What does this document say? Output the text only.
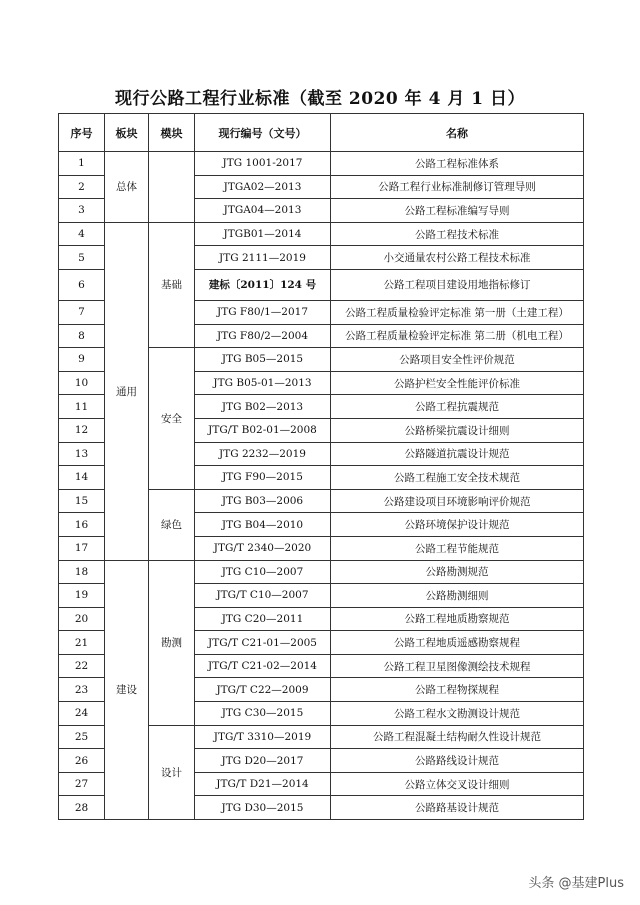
现行公路工程行业标准（截至 2020 年 4 月 1 日）
序号	板块	模块	现行编号（文号）	名称
1	总体		JTG 1001-2017	公路工程标准体系
2			JTGA02—2013	公路工程行业标准制修订管理导则
3			JTGA04—2013	公路工程标准编写导则
4	通用	基础	JTGB01—2014	公路工程技术标准
5			JTG 2111—2019	小交通量农村公路工程技术标准
6			建标〔2011〕124 号	公路工程项目建设用地指标修订
7			JTG F80/1—2017	公路工程质量检验评定标准 第一册（土建工程）
8			JTG F80/2—2004	公路工程质量检验评定标准 第二册（机电工程）
9		安全	JTG B05—2015	公路项目安全性评价规范
10			JTG B05-01—2013	公路护栏安全性能评价标准
11			JTG B02—2013	公路工程抗震规范
12			JTG/T B02-01—2008	公路桥梁抗震设计细则
13			JTG 2232—2019	公路隧道抗震设计规范
14			JTG F90—2015	公路工程施工安全技术规范
15		绿色	JTG B03—2006	公路建设项目环境影响评价规范
16			JTG B04—2010	公路环境保护设计规范
17			JTG/T 2340—2020	公路工程节能规范
18	建设	勘测	JTG C10—2007	公路勘测规范
19			JTG/T C10—2007	公路勘测细则
20			JTG C20—2011	公路工程地质勘察规范
21			JTG/T C21-01—2005	公路工程地质遥感勘察规程
22			JTG/T C21-02—2014	公路工程卫星图像测绘技术规程
23			JTG/T C22—2009	公路工程物探规程
24			JTG C30—2015	公路工程水文勘测设计规范
25		设计	JTG/T 3310—2019	公路工程混凝土结构耐久性设计规范
26			JTG D20—2017	公路路线设计规范
27			JTG/T D21—2014	公路立体交叉设计细则
28			JTG D30—2015	公路路基设计规范
头条 @基建Plus
